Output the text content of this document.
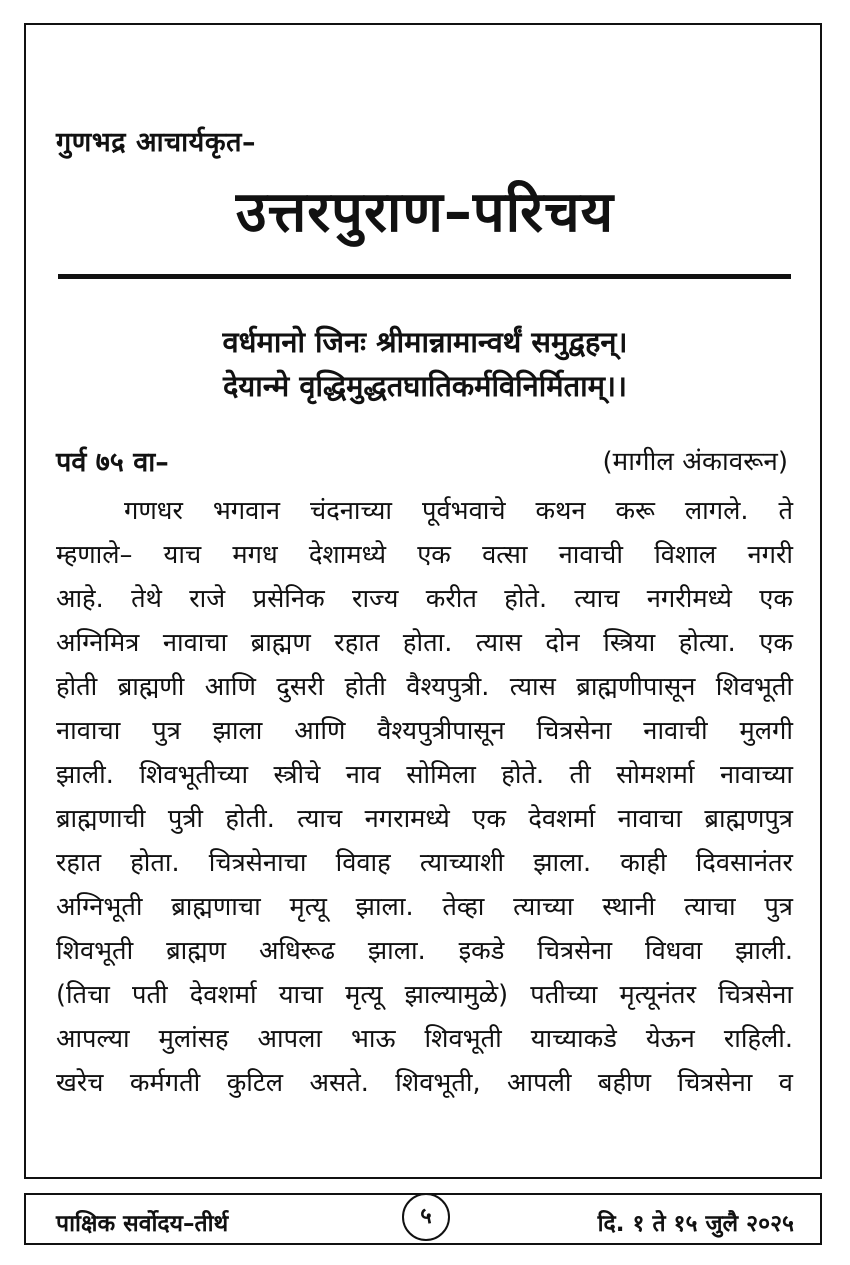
गुणभद्र आचार्यकृत–
उत्तरपुराण–परिचय
वर्धमानो जिनः श्रीमान्नामान्वर्थं समुद्वहन्।
देयान्मे वृद्धिमुद्धतघातिकर्मविनिर्मिताम्।।
पर्व ७५ वा–	(मागील अंकावरून)
गणधर भगवान चंदनाच्या पूर्वभवाचे कथन करू लागले. ते
म्हणाले– याच मगध देशामध्ये एक वत्सा नावाची विशाल नगरी
आहे. तेथे राजे प्रसेनिक राज्य करीत होते. त्याच नगरीमध्ये एक
अग्निमित्र नावाचा ब्राह्मण रहात होता. त्यास दोन स्त्रिया होत्या. एक
होती ब्राह्मणी आणि दुसरी होती वैश्यपुत्री. त्यास ब्राह्मणीपासून शिवभूती
नावाचा पुत्र झाला आणि वैश्यपुत्रीपासून चित्रसेना नावाची मुलगी
झाली. शिवभूतीच्या स्त्रीचे नाव सोमिला होते. ती सोमशर्मा नावाच्या
ब्राह्मणाची पुत्री होती. त्याच नगरामध्ये एक देवशर्मा नावाचा ब्राह्मणपुत्र
रहात होता. चित्रसेनाचा विवाह त्याच्याशी झाला. काही दिवसानंतर
अग्निभूती ब्राह्मणाचा मृत्यू झाला. तेव्हा त्याच्या स्थानी त्याचा पुत्र
शिवभूती ब्राह्मण अधिरूढ झाला. इकडे चित्रसेना विधवा झाली.
(तिचा पती देवशर्मा याचा मृत्यू झाल्यामुळे) पतीच्या मृत्यूनंतर चित्रसेना
आपल्या मुलांसह आपला भाऊ शिवभूती याच्याकडे येऊन राहिली.
खरेच कर्मगती कुटिल असते. शिवभूती, आपली बहीण चित्रसेना व
पाक्षिक सर्वोदय–तीर्थ	५	दि. १ ते १५ जुलै २०२५
